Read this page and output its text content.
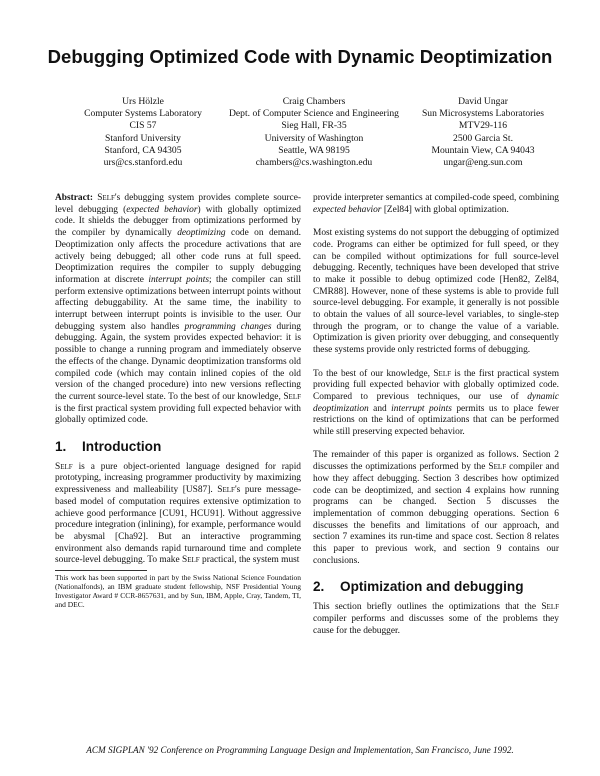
Debugging Optimized Code with Dynamic Deoptimization
Urs Hölzle
Computer Systems Laboratory
CIS 57
Stanford University
Stanford, CA 94305
urs@cs.stanford.edu
Craig Chambers
Dept. of Computer Science and Engineering
Sieg Hall, FR-35
University of Washington
Seattle, WA 98195
chambers@cs.washington.edu
David Ungar
Sun Microsystems Laboratories
MTV29-116
2500 Garcia St.
Mountain View, CA 94043
ungar@eng.sun.com

Abstract: Self's debugging system provides complete source-level debugging (expected behavior) with globally optimized code. It shields the debugger from optimizations performed by the compiler by dynamically deoptimizing code on demand. Deoptimization only affects the procedure activations that are actively being debugged; all other code runs at full speed. Deoptimization requires the compiler to supply debugging information at discrete interrupt points; the compiler can still perform extensive optimizations between interrupt points without affecting debuggability. At the same time, the inability to interrupt between interrupt points is invisible to the user. Our debugging system also handles programming changes during debugging. Again, the system provides expected behavior: it is possible to change a running program and immediately observe the effects of the change. Dynamic deoptimization transforms old compiled code (which may contain inlined copies of the old version of the changed procedure) into new versions reflecting the current source-level state. To the best of our knowledge, Self is the first practical system providing full expected behavior with globally optimized code.

1. Introduction

Self is a pure object-oriented language designed for rapid prototyping, increasing programmer productivity by maximizing expressiveness and malleability [US87]. Self's pure message-based model of computation requires extensive optimization to achieve good performance [CU91, HCU91]. Without aggressive procedure integration (inlining), for example, performance would be abysmal [Cha92]. But an interactive programming environment also demands rapid turnaround time and complete source-level debugging. To make Self practical, the system must

This work has been supported in part by the Swiss National Science Foundation (Nationalfonds), an IBM graduate student fellowship, NSF Presidential Young Investigator Award # CCR-8657631, and by Sun, IBM, Apple, Cray, Tandem, TI, and DEC.

provide interpreter semantics at compiled-code speed, combining expected behavior [Zel84] with global optimization.

Most existing systems do not support the debugging of optimized code. Programs can either be optimized for full speed, or they can be compiled without optimizations for full source-level debugging. Recently, techniques have been developed that strive to make it possible to debug optimized code [Hen82, Zel84, CMR88]. However, none of these systems is able to provide full source-level debugging. For example, it generally is not possible to obtain the values of all source-level variables, to single-step through the program, or to change the value of a variable. Optimization is given priority over debugging, and consequently these systems provide only restricted forms of debugging.

To the best of our knowledge, Self is the first practical system providing full expected behavior with globally optimized code. Compared to previous techniques, our use of dynamic deoptimization and interrupt points permits us to place fewer restrictions on the kind of optimizations that can be performed while still preserving expected behavior.

The remainder of this paper is organized as follows. Section 2 discusses the optimizations performed by the Self compiler and how they affect debugging. Section 3 describes how optimized code can be deoptimized, and section 4 explains how running programs can be changed. Section 5 discusses the implementation of common debugging operations. Section 6 discusses the benefits and limitations of our approach, and section 7 examines its run-time and space cost. Section 8 relates this paper to previous work, and section 9 contains our conclusions.

2. Optimization and debugging

This section briefly outlines the optimizations that the Self compiler performs and discusses some of the problems they cause for the debugger.

ACM SIGPLAN '92 Conference on Programming Language Design and Implementation, San Francisco, June 1992.
